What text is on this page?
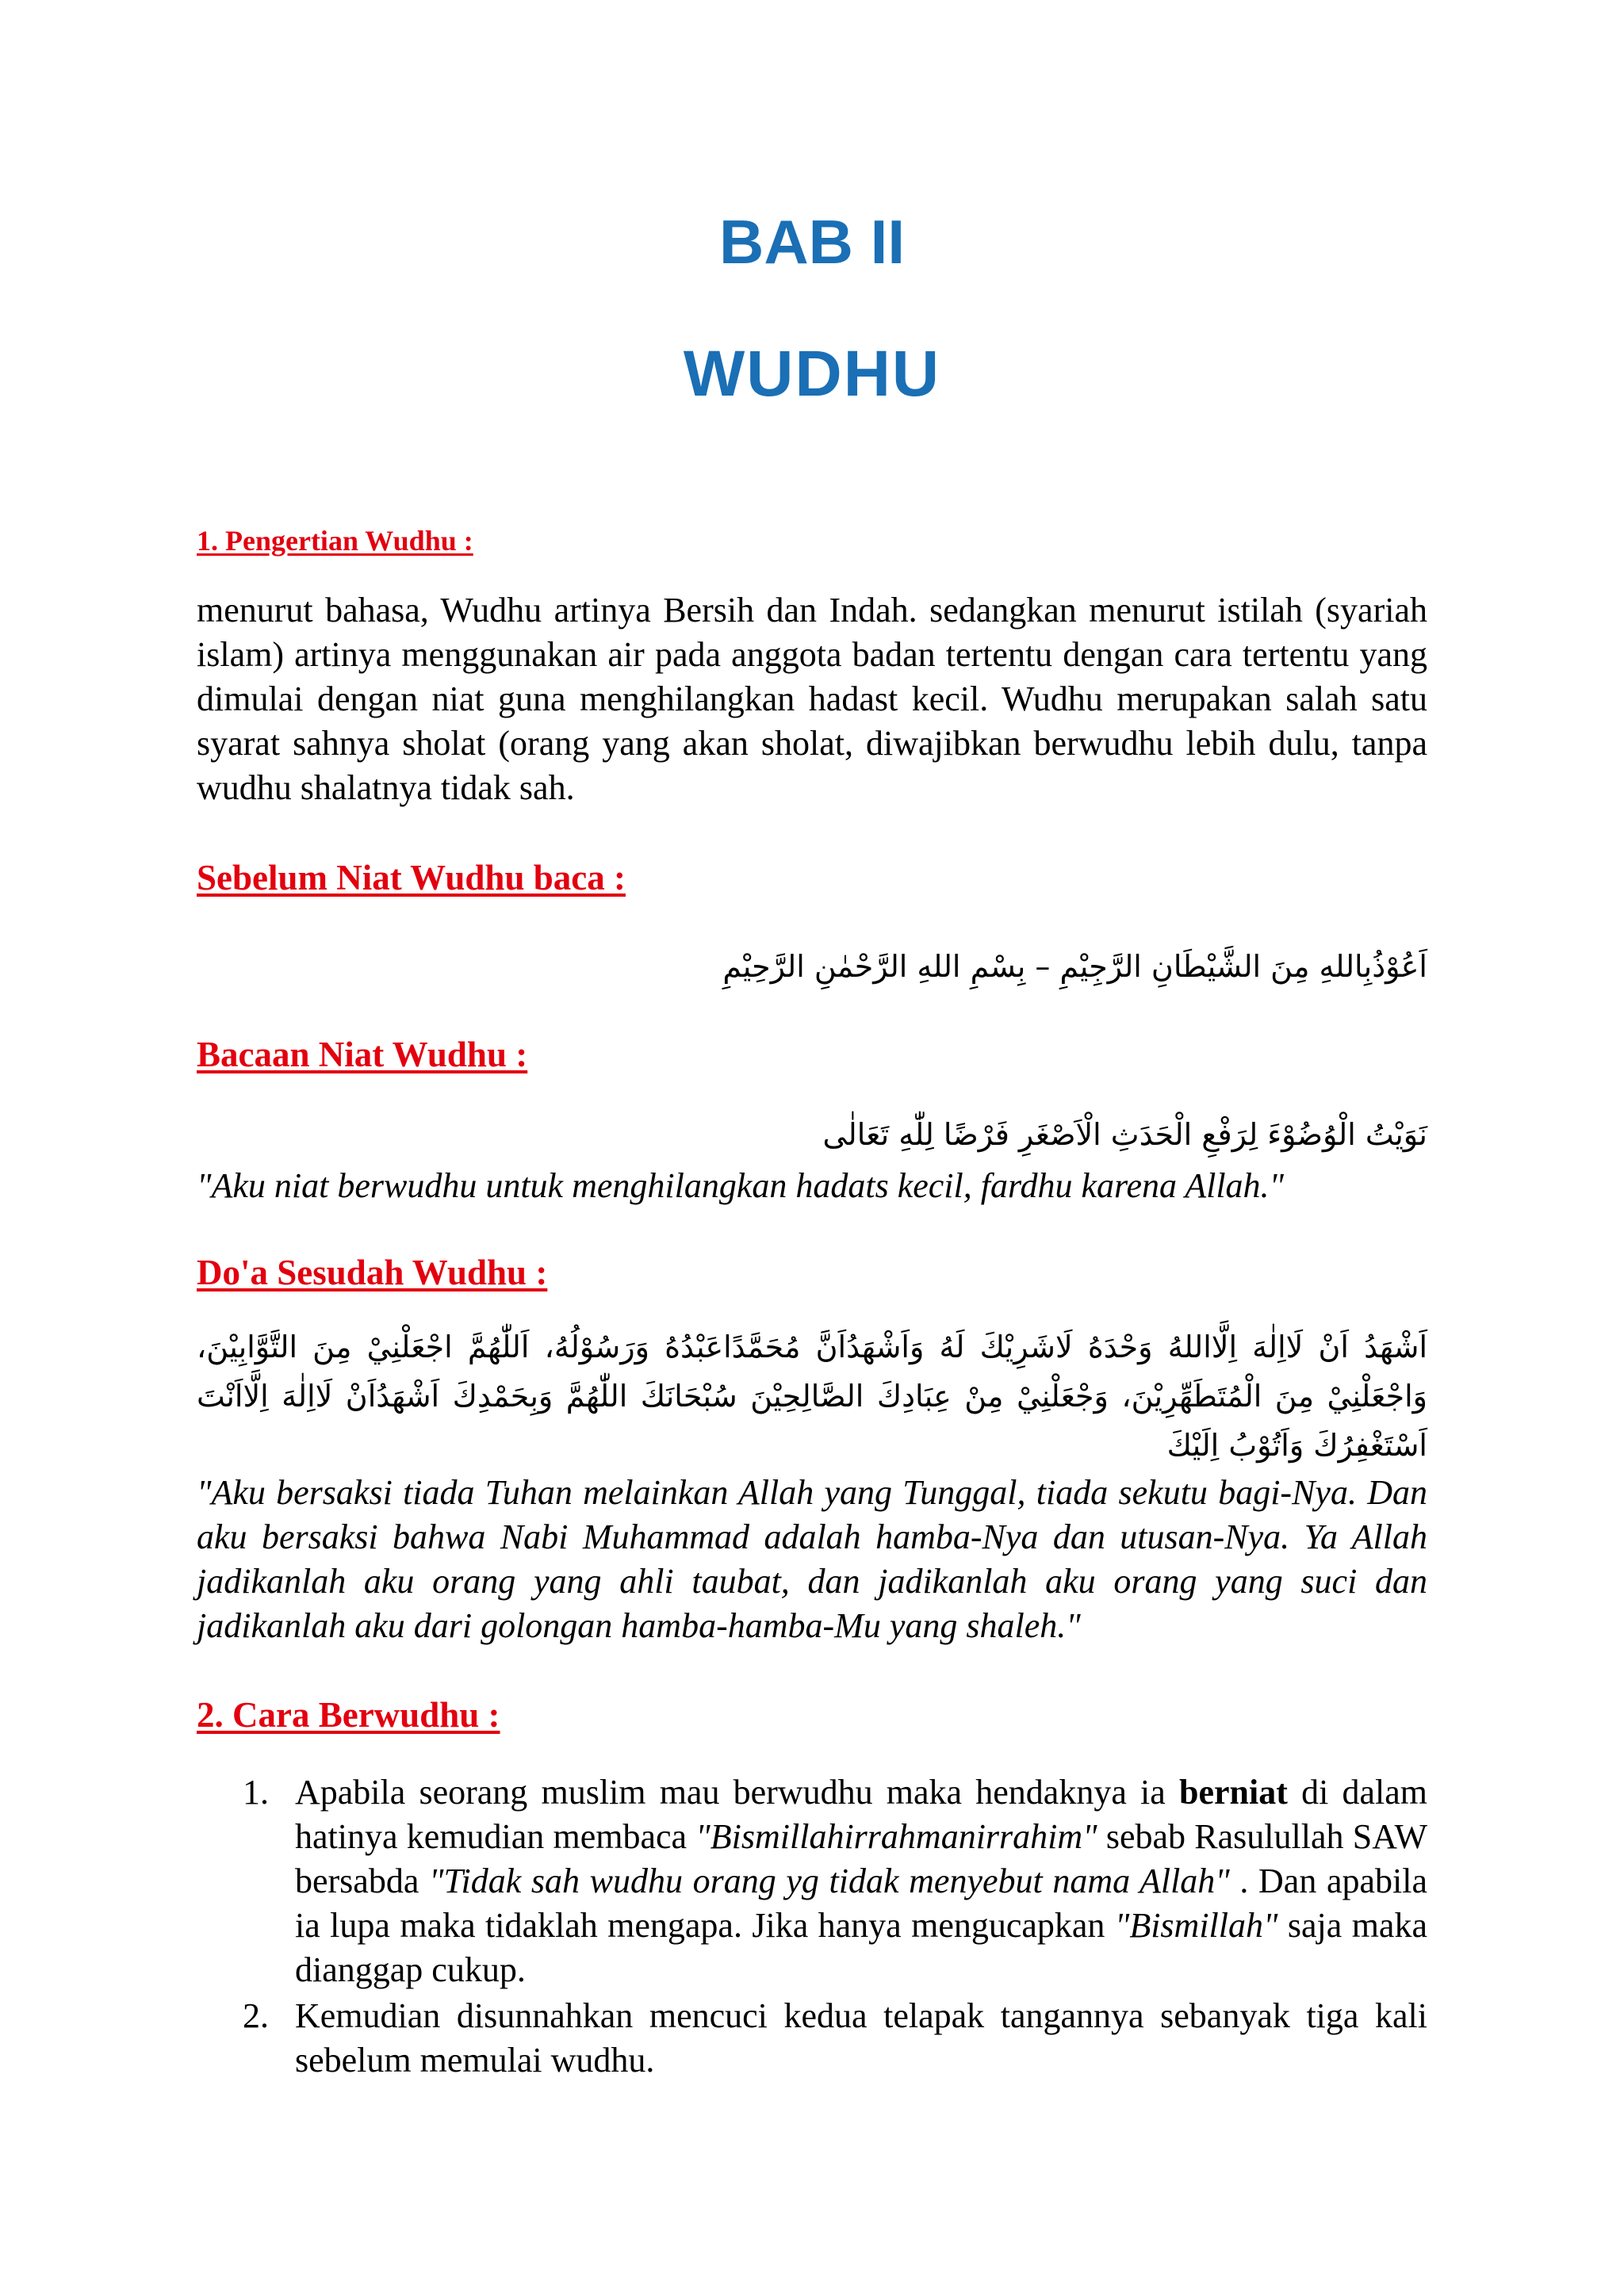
BAB II
WUDHU
1. Pengertian Wudhu :
menurut bahasa, Wudhu artinya Bersih dan Indah. sedangkan menurut istilah (syariah islam) artinya menggunakan air pada anggota badan tertentu dengan cara tertentu yang dimulai dengan niat guna menghilangkan hadast kecil. Wudhu merupakan salah satu syarat sahnya sholat (orang yang akan sholat, diwajibkan berwudhu lebih dulu, tanpa wudhu shalatnya tidak sah.
Sebelum Niat Wudhu baca :
اَعُوْذُبِاللهِ مِنَ الشَّيْطَانِ الرَّجِيْمِ – بِسْمِ اللهِ الرَّحْمٰنِ الرَّحِيْمِ
Bacaan Niat Wudhu :
نَوَيْتُ الْوُضُوْءَ لِرَفْعِ الْحَدَثِ الْاَصْغَرِ فَرْضًا لِلّٰهِ تَعَالٰى
"Aku niat berwudhu untuk menghilangkan hadats kecil, fardhu karena Allah."
Do'a Sesudah Wudhu :
اَشْهَدُ اَنْ لَااِلٰهَ اِلَّااللهُ وَحْدَهُ لَاشَرِيْكَ لَهُ وَاَشْهَدُاَنَّ مُحَمَّدًاعَبْدُهُ وَرَسُوْلُهُ، اَللّٰهُمَّ اجْعَلْنِيْ مِنَ التَّوَّابِيْنَ، وَاجْعَلْنِيْ مِنَ الْمُتَطَهِّرِيْنَ، وَجْعَلْنِيْ مِنْ عِبَادِكَ الصَّالِحِيْنَ سُبْحَانَكَ اللّٰهُمَّ وَبِحَمْدِكَ اَشْهَدُاَنْ لَااِلٰهَ اِلَّااَنْتَ اَسْتَغْفِرُكَ وَاَتُوْبُ اِلَيْكَ
"Aku bersaksi tiada Tuhan melainkan Allah yang Tunggal, tiada sekutu bagi-Nya. Dan aku bersaksi bahwa Nabi Muhammad adalah hamba-Nya dan utusan-Nya. Ya Allah jadikanlah aku orang yang ahli taubat, dan jadikanlah aku orang yang suci dan jadikanlah aku dari golongan hamba-hamba-Mu yang shaleh."
2. Cara Berwudhu :
1. Apabila seorang muslim mau berwudhu maka hendaknya ia berniat di dalam hatinya kemudian membaca "Bismillahirrahmanirrahim" sebab Rasulullah SAW bersabda "Tidak sah wudhu orang yg tidak menyebut nama Allah" . Dan apabila ia lupa maka tidaklah mengapa. Jika hanya mengucapkan "Bismillah" saja maka dianggap cukup.
2. Kemudian disunnahkan mencuci kedua telapak tangannya sebanyak tiga kali sebelum memulai wudhu.
